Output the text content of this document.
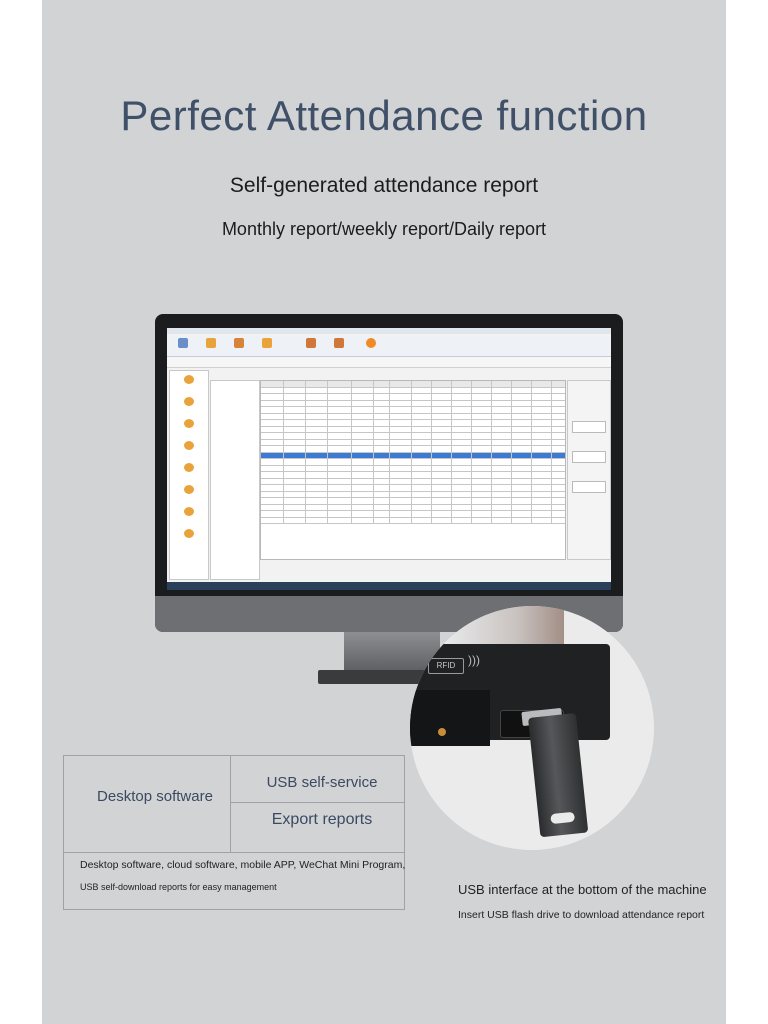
Perfect Attendance function
Self-generated attendance report
Monthly report/weekly report/Daily report
RFID	)))
Desktop software
USB self-service
Export reports
Desktop software, cloud software, mobile APP, WeChat Mini Program,
USB self-download reports for easy management	USB interface at the bottom of the machine
Insert USB flash drive to download attendance report
